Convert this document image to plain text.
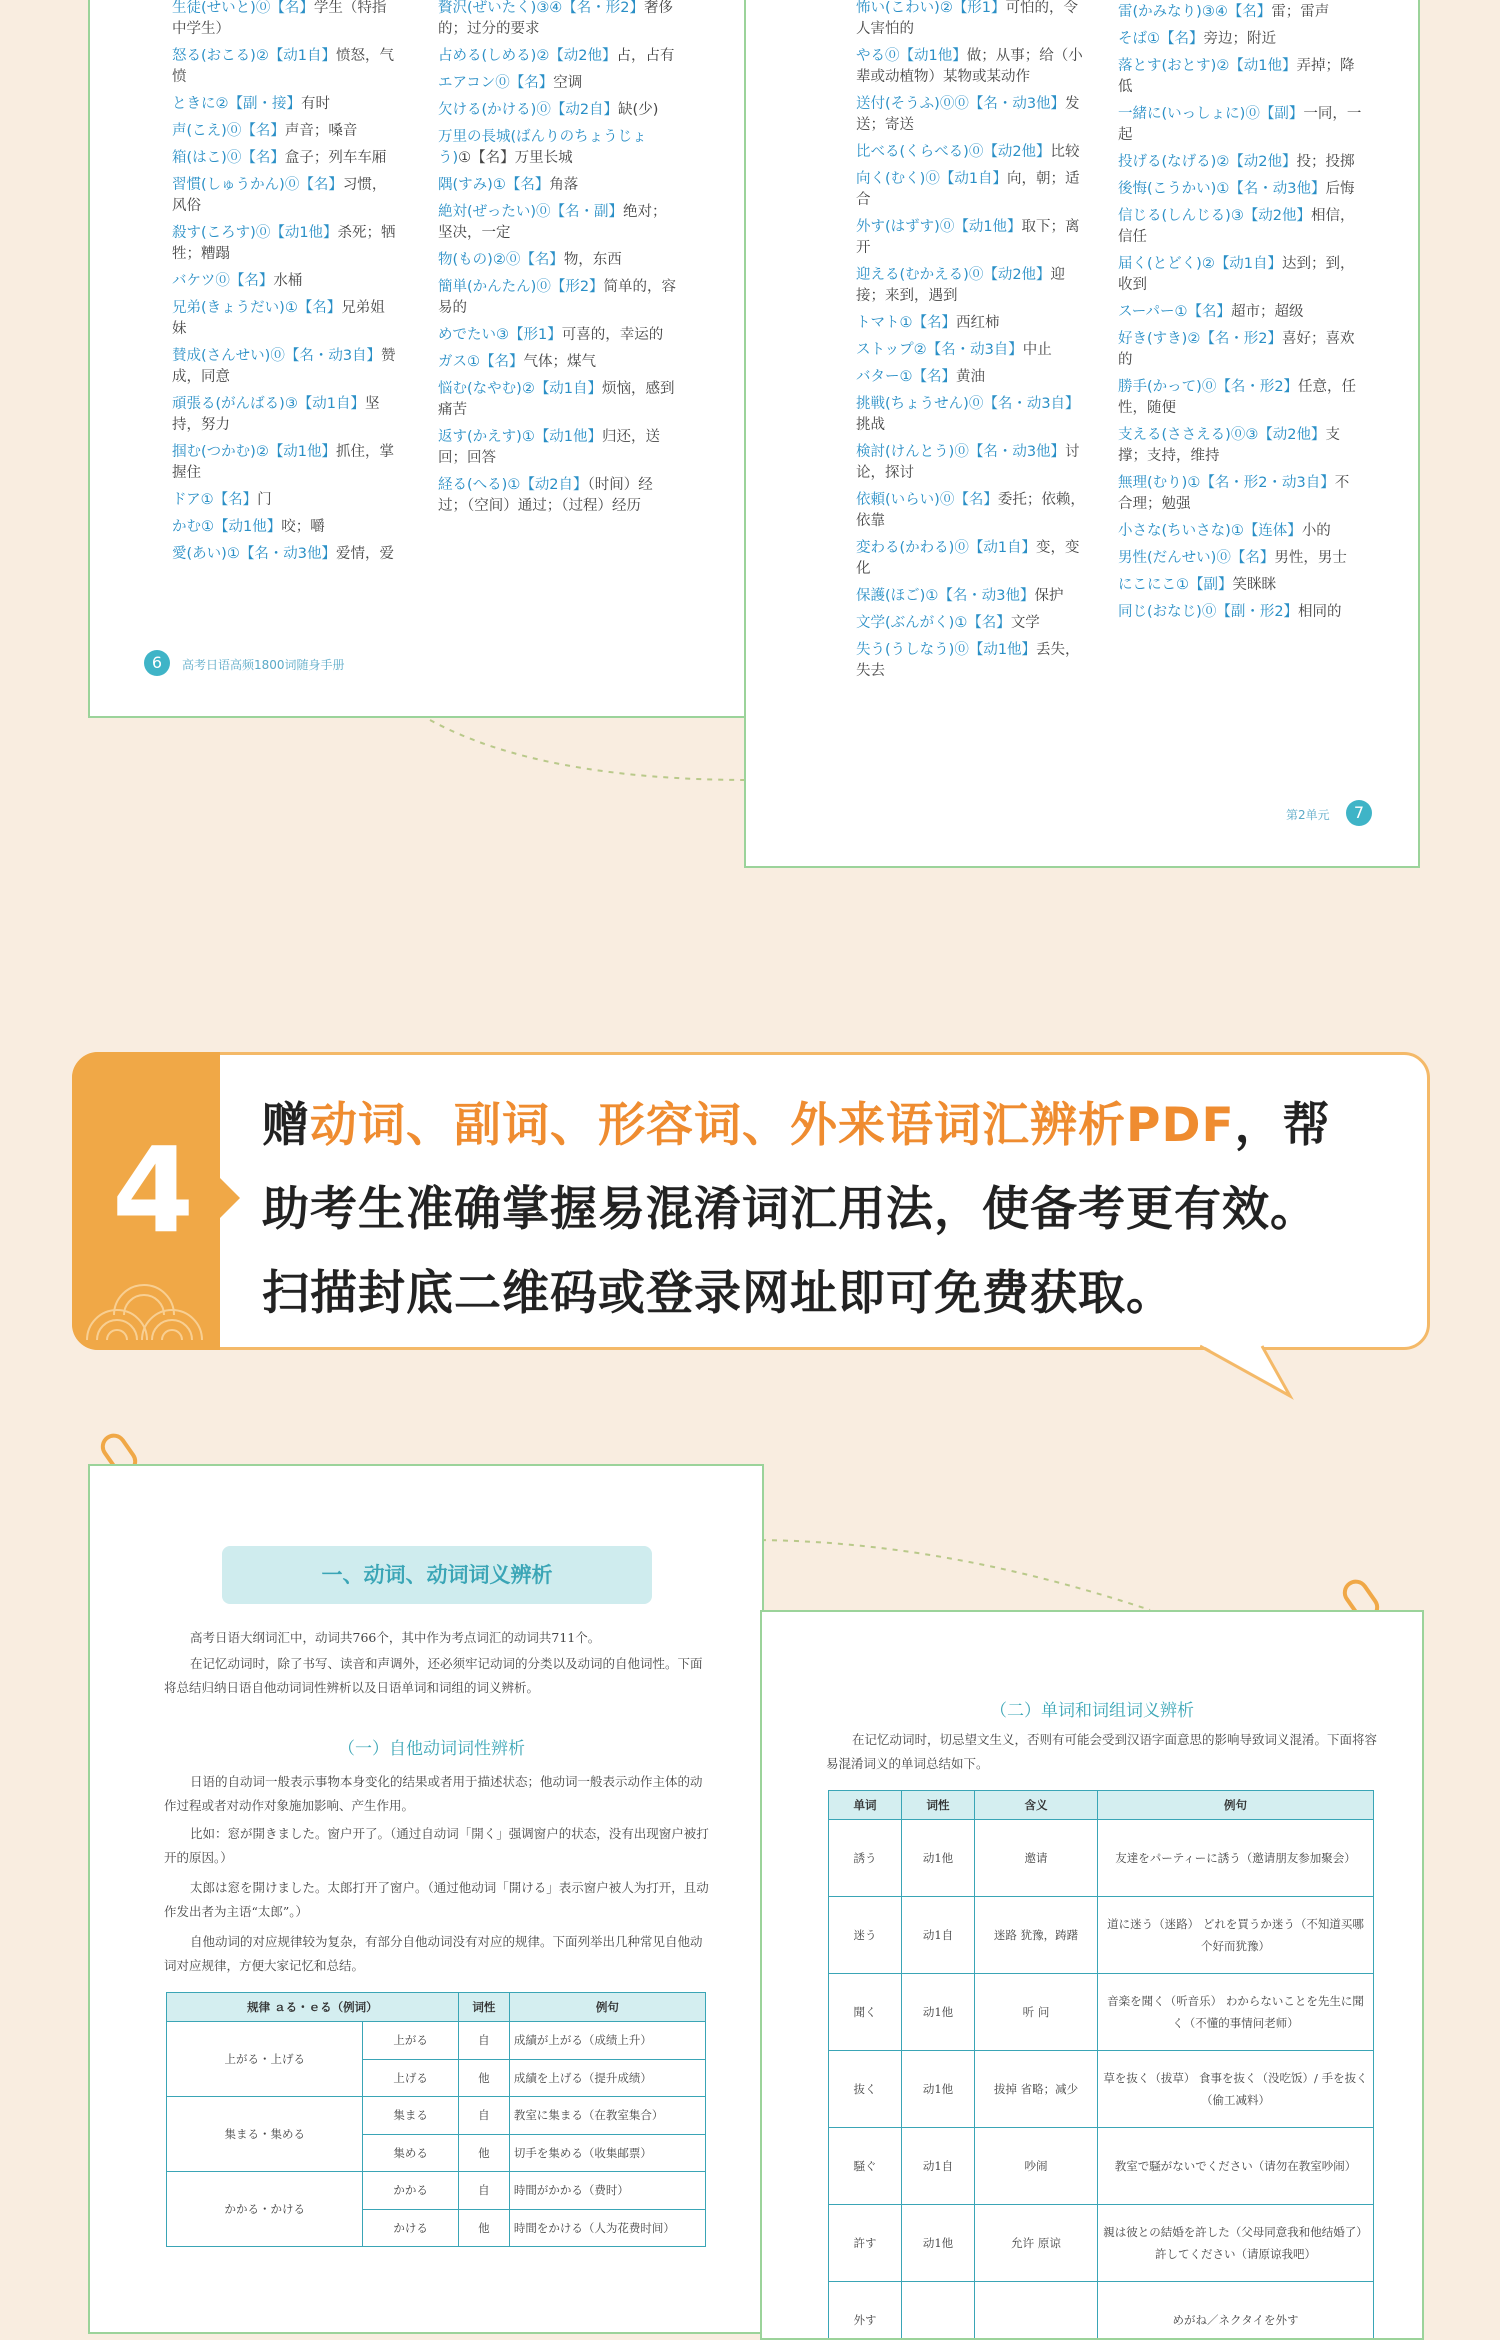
生徒(せいと)⓪【名】学生（特指中学生）
怒る(おこる)②【动1自】愤怒，气愤
ときに②【副・接】有时
声(こえ)⓪【名】声音；嗓音
箱(はこ)⓪【名】盒子；列车车厢
習慣(しゅうかん)⓪【名】习惯，风俗
殺す(ころす)⓪【动1他】杀死；牺牲；糟蹋
バケツ⓪【名】水桶
兄弟(きょうだい)①【名】兄弟姐妹
賛成(さんせい)⓪【名・动3自】赞成，同意
頑張る(がんばる)③【动1自】坚持，努力
掴む(つかむ)②【动1他】抓住，掌握住
ドア①【名】门
かむ①【动1他】咬；嚼
愛(あい)①【名・动3他】爱情，爱
贅沢(ぜいたく)③④【名・形2】奢侈的；过分的要求
占める(しめる)②【动2他】占，占有
エアコン⓪【名】空调
欠ける(かける)⓪【动2自】缺(少)
万里の長城(ばんりのちょうじょう)①【名】万里长城
隅(すみ)①【名】角落
絶対(ぜったい)⓪【名・副】绝对；坚决，一定
物(もの)②⓪【名】物，东西
簡単(かんたん)⓪【形2】简单的，容易的
めでたい③【形1】可喜的，幸运的
ガス①【名】气体；煤气
悩む(なやむ)②【动1自】烦恼，感到痛苦
返す(かえす)①【动1他】归还，送回；回答
経る(へる)①【动2自】（时间）经过；（空间）通过；（过程）经历
6	高考日语高频1800词随身手册
怖い(こわい)②【形1】可怕的，令人害怕的
やる⓪【动1他】做；从事；给（小辈或动植物）某物或某动作
送付(そうふ)⓪⓪【名・动3他】发送；寄送
比べる(くらべる)⓪【动2他】比较
向く(むく)⓪【动1自】向，朝；适合
外す(はずす)⓪【动1他】取下；离开
迎える(むかえる)⓪【动2他】迎接；来到，遇到
トマト①【名】西红柿
ストップ②【名・动3自】中止
バター①【名】黄油
挑戦(ちょうせん)⓪【名・动3自】挑战
検討(けんとう)⓪【名・动3他】讨论，探讨
依頼(いらい)⓪【名】委托；依赖，依靠
変わる(かわる)⓪【动1自】变，变化
保護(ほご)①【名・动3他】保护
文学(ぶんがく)①【名】文学
失う(うしなう)⓪【动1他】丢失，失去
雷(かみなり)③④【名】雷；雷声
そば①【名】旁边；附近
落とす(おとす)②【动1他】弄掉；降低
一緒に(いっしょに)⓪【副】一同，一起
投げる(なげる)②【动2他】投；投掷
後悔(こうかい)①【名・动3他】后悔
信じる(しんじる)③【动2他】相信，信任
届く(とどく)②【动1自】达到；到，收到
スーパー①【名】超市；超级
好き(すき)②【名・形2】喜好；喜欢的
勝手(かって)⓪【名・形2】任意，任性，随便
支える(ささえる)⓪③【动2他】支撑；支持，维持
無理(むり)①【名・形2・动3自】不合理；勉强
小さな(ちいさな)①【连体】小的
男性(だんせい)⓪【名】男性，男士
にこにこ①【副】笑眯眯
同じ(おなじ)⓪【副・形2】相同的
第2单元	7
4 赠动词、副词、形容词、外来语词汇辨析PDF，帮
助考生准确掌握易混淆词汇用法，使备考更有效。
扫描封底二维码或登录网址即可免费获取。
一、动词、动词词义辨析
高考日语大纲词汇中，动词共766个，其中作为考点词汇的动词共711个。
在记忆动词时，除了书写、读音和声调外，还必须牢记动词的分类以及动词的自他词性。下面将总结归纳日语自他动词词性辨析以及日语单词和词组的词义辨析。
（一）自他动词词性辨析
日语的自动词一般表示事物本身变化的结果或者用于描述状态；他动词一般表示动作主体的动作过程或者对动作对象施加影响、产生作用。
比如：窓が開きました。窗户开了。（通过自动词「開く」强调窗户的状态，没有出现窗户被打开的原因。）
太郎は窓を開けました。太郎打开了窗户。（通过他动词「開ける」表示窗户被人为打开，且动作发出者为主语“太郎”。）
自他动词的对应规律较为复杂，有部分自他动词没有对应的规律。下面列举出几种常见自他动词对应规律，方便大家记忆和总结。
规律 ａる・ｅる（例词）		词性	例句
上がる・上げる	上がる	自	成績が上がる（成绩上升）
	上げる	他	成績を上げる（提升成绩）
集まる・集める	集まる	自	教室に集まる（在教室集合）
	集める	他	切手を集める（收集邮票）
かかる・かける	かかる	自	時間がかかる（费时）
	かける	他	時間をかける（人为花费时间）
（二）单词和词组词义辨析
在记忆动词时，切忌望文生义，否则有可能会受到汉语字面意思的影响导致词义混淆。下面将容易混淆词义的单词总结如下。
单词	词性	含义	例句
誘う	动1他	邀请	友達をパーティーに誘う（邀请朋友参加聚会）
迷う	动1自	迷路 犹豫，踌躇	道に迷う（迷路） どれを買うか迷う（不知道买哪个好而犹豫）
聞く	动1他	听 问	音楽を聞く（听音乐） わからないことを先生に聞く（不懂的事情问老师）
抜く	动1他	拔掉 省略；减少	草を抜く（拔草） 食事を抜く（没吃饭）/ 手を抜く（偷工减料）
騒ぐ	动1自	吵闹	教室で騒がないでください（请勿在教室吵闹）
許す	动1他	允许 原谅	親は彼との結婚を許した（父母同意我和他结婚了） 許してください（请原谅我吧）
外す			めがね／ネクタイを外す
